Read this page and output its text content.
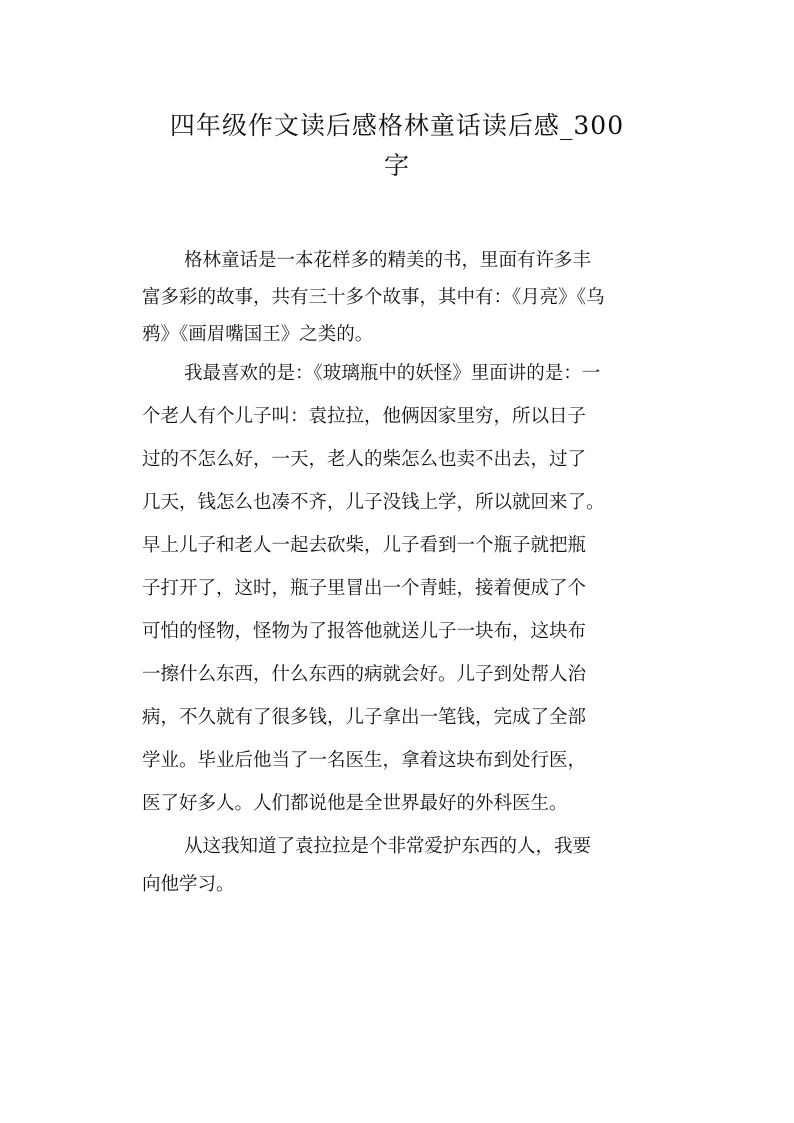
四年级作文读后感格林童话读后感_300
字
格林童话是一本花样多的精美的书，里面有许多丰
富多彩的故事，共有三十多个故事，其中有：《月亮》《乌
鸦》《画眉嘴国王》之类的。
我最喜欢的是：《玻璃瓶中的妖怪》里面讲的是：一
个老人有个儿子叫：袁拉拉，他俩因家里穷，所以日子
过的不怎么好，一天，老人的柴怎么也卖不出去，过了
几天，钱怎么也凑不齐，儿子没钱上学，所以就回来了。
早上儿子和老人一起去砍柴，儿子看到一个瓶子就把瓶
子打开了，这时，瓶子里冒出一个青蛙，接着便成了个
可怕的怪物，怪物为了报答他就送儿子一块布，这块布
一擦什么东西，什么东西的病就会好。儿子到处帮人治
病，不久就有了很多钱，儿子拿出一笔钱，完成了全部
学业。毕业后他当了一名医生，拿着这块布到处行医，
医了好多人。人们都说他是全世界最好的外科医生。
从这我知道了袁拉拉是个非常爱护东西的人，我要
向他学习。
